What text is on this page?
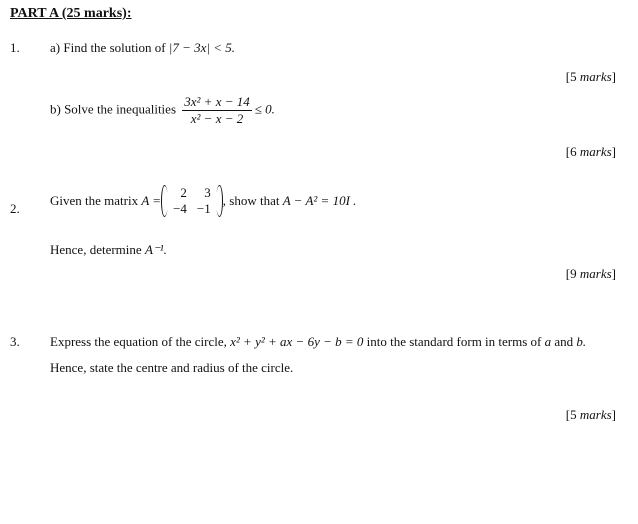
PART A (25 marks):
1. a) Find the solution of |7 − 3x| < 5.
[5 marks]
b) Solve the inequalities $\frac{\text{3x² + x − 14}}{\text{x² − x − 2}} \le 0$.
[6 marks]
2.
Given the matrix A =
2	3
−4	−1
, show that A − A² = 10I .
Hence, determine A⁻¹.
[9 marks]
3. Express the equation of the circle, x² + y² + ax − 6y − b = 0 into the standard form in terms of a and b.
Hence, state the centre and radius of the circle.
[5 marks]
